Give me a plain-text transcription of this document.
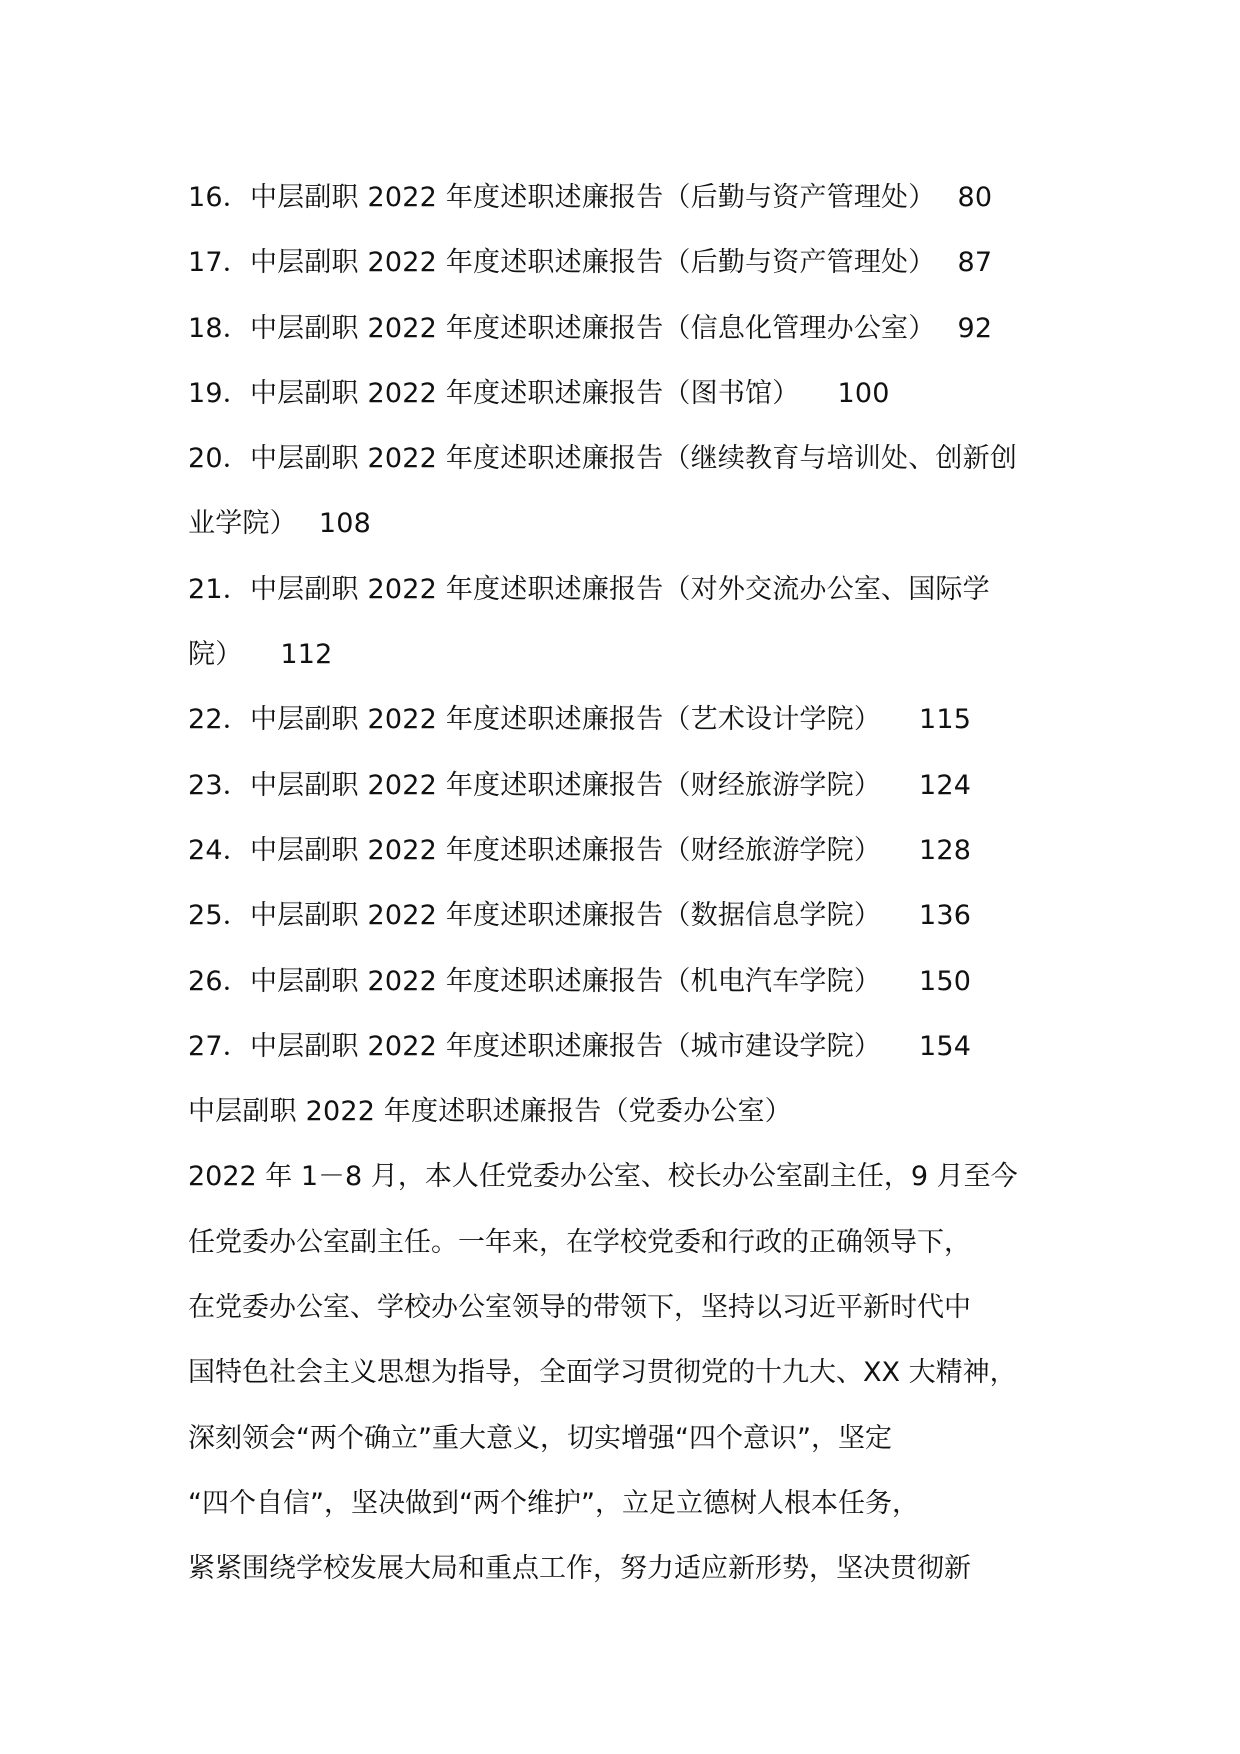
16．中层副职 2022 年度述职述廉报告（后勤与资产管理处） 80
17．中层副职 2022 年度述职述廉报告（后勤与资产管理处） 87
18．中层副职 2022 年度述职述廉报告（信息化管理办公室） 92
19．中层副职 2022 年度述职述廉报告（图书馆） 100
20．中层副职 2022 年度述职述廉报告（继续教育与培训处、创新创
业学院） 108
21．中层副职 2022 年度述职述廉报告（对外交流办公室、国际学
院） 112
22．中层副职 2022 年度述职述廉报告（艺术设计学院） 115
23．中层副职 2022 年度述职述廉报告（财经旅游学院） 124
24．中层副职 2022 年度述职述廉报告（财经旅游学院） 128
25．中层副职 2022 年度述职述廉报告（数据信息学院） 136
26．中层副职 2022 年度述职述廉报告（机电汽车学院） 150
27．中层副职 2022 年度述职述廉报告（城市建设学院） 154
中层副职 2022 年度述职述廉报告（党委办公室）
2022 年 1－8 月，本人任党委办公室、校长办公室副主任，9 月至今
任党委办公室副主任。一年来，在学校党委和行政的正确领导下，
在党委办公室、学校办公室领导的带领下，坚持以习近平新时代中
国特色社会主义思想为指导，全面学习贯彻党的十九大、XX 大精神，
深刻领会“两个确立”重大意义，切实增强“四个意识”，坚定
“四个自信”，坚决做到“两个维护”，立足立德树人根本任务，
紧紧围绕学校发展大局和重点工作，努力适应新形势，坚决贯彻新
